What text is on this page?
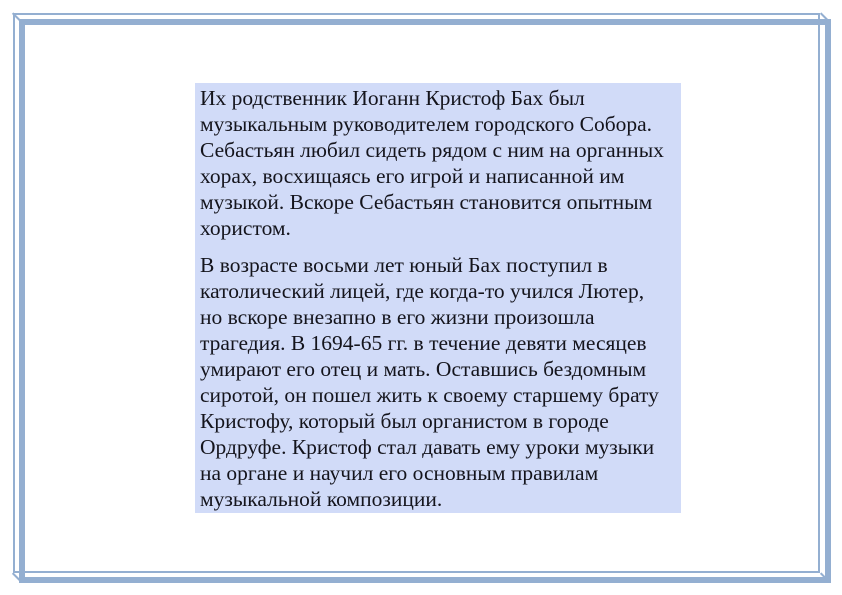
Их родственник Иоганн Кристоф Бах был
музыкальным руководителем городского Собора.
Себастьян любил сидеть рядом с ним на органных
хорах, восхищаясь его игрой и написанной им
музыкой. Вскоре Себастьян становится опытным
хористом.
В возрасте восьми лет юный Бах поступил в
католический лицей, где когда-то учился Лютер,
но вскоре внезапно в его жизни произошла
трагедия. В 1694-65 гг. в течение девяти месяцев
умирают его отец и мать. Оставшись бездомным
сиротой, он пошел жить к своему старшему брату
Кристофу, который был органистом в городе
Ордруфе. Кристоф стал давать ему уроки музыки
на органе и научил его основным правилам
музыкальной композиции.
